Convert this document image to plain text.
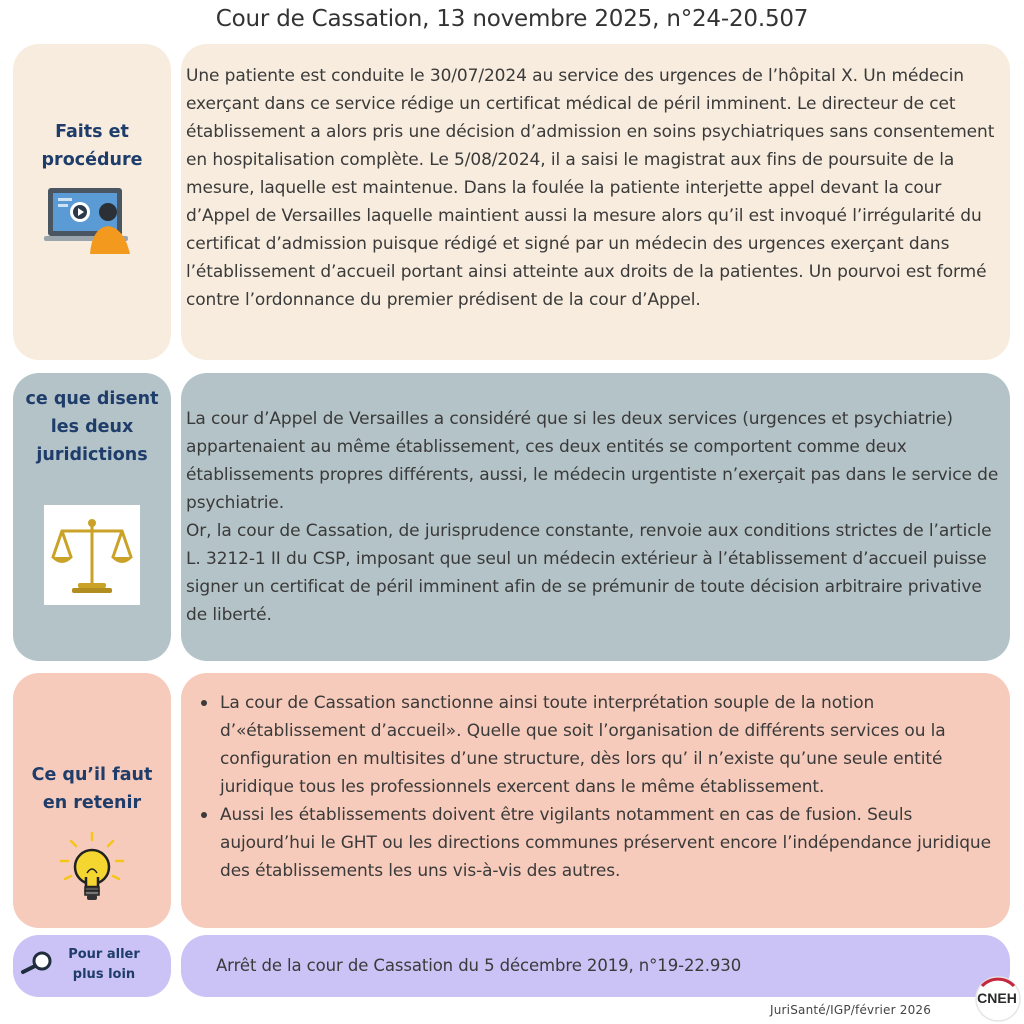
Cour de Cassation, 13 novembre 2025, n°24-20.507
Faits et
procédure

Une patiente est conduite le 30/07/2024 au service des urgences de l’hôpital X. Un médecin exerçant dans ce service rédige un certificat médical de péril imminent. Le directeur de cet établissement a alors pris une décision d’admission en soins psychiatriques sans consentement en hospitalisation complète. Le 5/08/2024, il a saisi le magistrat aux fins de poursuite de la mesure, laquelle est maintenue. Dans la foulée la patiente interjette appel devant la cour d’Appel de Versailles laquelle maintient aussi la mesure alors qu’il est invoqué l’irrégularité du certificat d’admission puisque rédigé et signé par un médecin des urgences exerçant dans l’établissement d’accueil portant ainsi atteinte aux droits de la patientes. Un pourvoi est formé contre l’ordonnance du premier prédisent de la cour d’Appel.

ce que disent
les deux
juridictions

La cour d’Appel de Versailles a considéré que si les deux services (urgences et psychiatrie) appartenaient au même établissement, ces deux entités se comportent comme deux établissements propres différents, aussi, le médecin urgentiste n’exerçait pas dans le service de psychiatrie.

Or, la cour de Cassation, de jurisprudence constante, renvoie aux conditions strictes de l’article L. 3212-1 II du CSP, imposant que seul un médecin extérieur à l’établissement d’accueil puisse signer un certificat de péril imminent afin de se prémunir de toute décision arbitraire privative de liberté.

Ce qu’il faut
en retenir
La cour de Cassation sanctionne ainsi toute interprétation souple de la notion d’«établissement d’accueil». Quelle que soit l’organisation de différents services ou la configuration en multisites d’une structure, dès lors qu’ il n’existe qu’une seule entité juridique tous les professionnels exercent dans le même établissement.
Aussi les établissements doivent être vigilants notamment en cas de fusion. Seuls aujourd’hui le GHT ou les directions communes préservent encore l’indépendance juridique des établissements les uns vis-à-vis des autres.
Pour aller
plus loin	Arrêt de la cour de Cassation du 5 décembre 2019, n°19-22.930

JuriSanté/IGP/février 2026
CNEH
